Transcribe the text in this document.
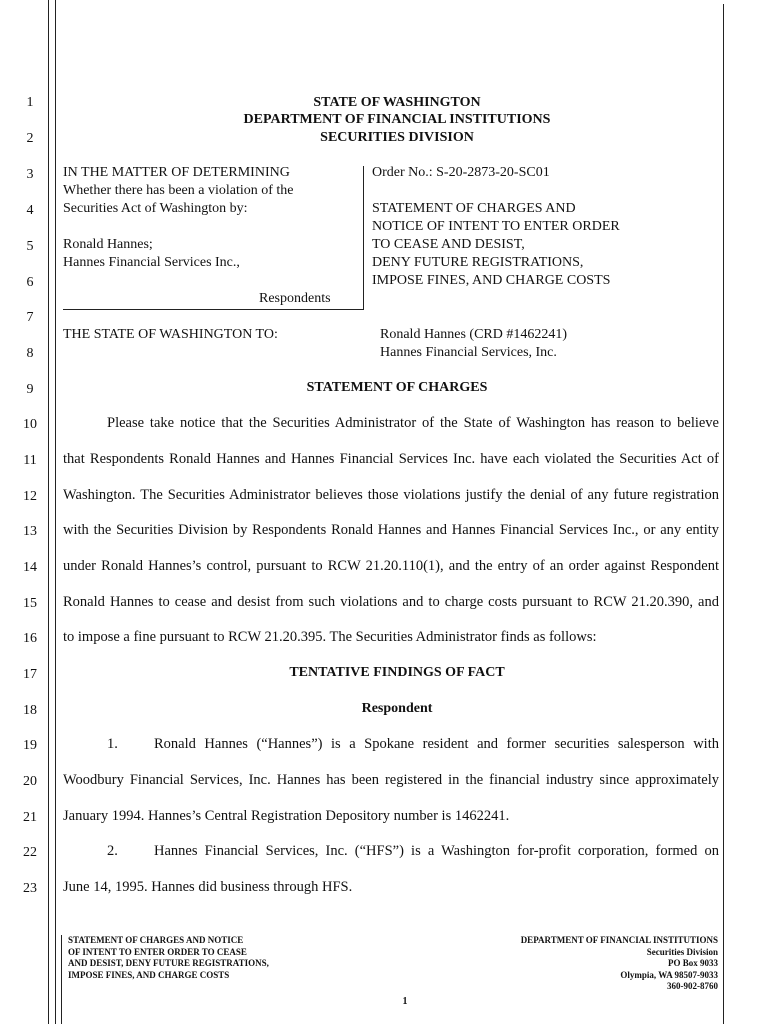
1
2
3
4
5
6
7
8
9
10
11
12
13
14
15
16
17
18
19
20
21
22
23
STATE OF WASHINGTON
DEPARTMENT OF FINANCIAL INSTITUTIONS
SECURITIES DIVISION
IN THE MATTER OF DETERMINING
Whether there has been a violation of the
Securities Act of Washington by:
Ronald Hannes;
Hannes Financial Services Inc.,
Respondents
Order No.: S-20-2873-20-SC01
STATEMENT OF CHARGES AND
NOTICE OF INTENT TO ENTER ORDER
TO CEASE AND DESIST,
DENY FUTURE REGISTRATIONS,
IMPOSE FINES, AND CHARGE COSTS
THE STATE OF WASHINGTON TO:	Ronald Hannes (CRD #1462241)
Hannes Financial Services, Inc.
STATEMENT OF CHARGES
Please take notice that the Securities Administrator of the State of Washington has reason to believe
that Respondents Ronald Hannes and Hannes Financial Services Inc. have each violated the Securities Act of
Washington. The Securities Administrator believes those violations justify the denial of any future registration
with the Securities Division by Respondents Ronald Hannes and Hannes Financial Services Inc., or any entity
under Ronald Hannes’s control, pursuant to RCW 21.20.110(1), and the entry of an order against Respondent
Ronald Hannes to cease and desist from such violations and to charge costs pursuant to RCW 21.20.390, and
to impose a fine pursuant to RCW 21.20.395. The Securities Administrator finds as follows:
TENTATIVE FINDINGS OF FACT
Respondent
1. Ronald Hannes (“Hannes”) is a Spokane resident and former securities salesperson with
Woodbury Financial Services, Inc. Hannes has been registered in the financial industry since approximately
January 1994. Hannes’s Central Registration Depository number is 1462241.
2. Hannes Financial Services, Inc. (“HFS”) is a Washington for-profit corporation, formed on
June 14, 1995. Hannes did business through HFS.
STATEMENT OF CHARGES AND NOTICE
OF INTENT TO ENTER ORDER TO CEASE
AND DESIST, DENY FUTURE REGISTRATIONS,
IMPOSE FINES, AND CHARGE COSTS
DEPARTMENT OF FINANCIAL INSTITUTIONS
Securities Division
PO Box 9033
Olympia, WA 98507-9033
360-902-8760
1
